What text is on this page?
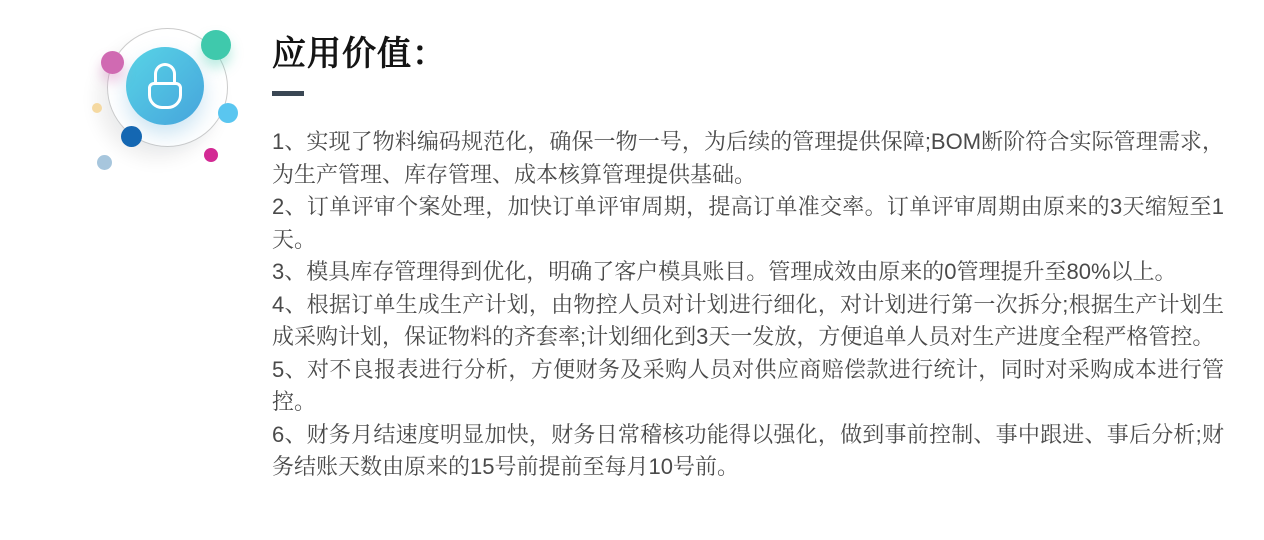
应用价值：

1、实现了物料编码规范化，确保一物一号，为后续的管理提供保障;BOM断阶符合实际管理需求，为生产管理、库存管理、成本核算管理提供基础。

2、订单评审个案处理，加快订单评审周期，提高订单准交率。订单评审周期由原来的3天缩短至1天。

3、模具库存管理得到优化，明确了客户模具账目。管理成效由原来的0管理提升至80%以上。

4、根据订单生成生产计划，由物控人员对计划进行细化，对计划进行第一次拆分;根据生产计划生成采购计划，保证物料的齐套率;计划细化到3天一发放，方便追单人员对生产进度全程严格管控。

5、对不良报表进行分析，方便财务及采购人员对供应商赔偿款进行统计，同时对采购成本进行管控。

6、财务月结速度明显加快，财务日常稽核功能得以强化，做到事前控制、事中跟进、事后分析;财务结账天数由原来的15号前提前至每月10号前。
